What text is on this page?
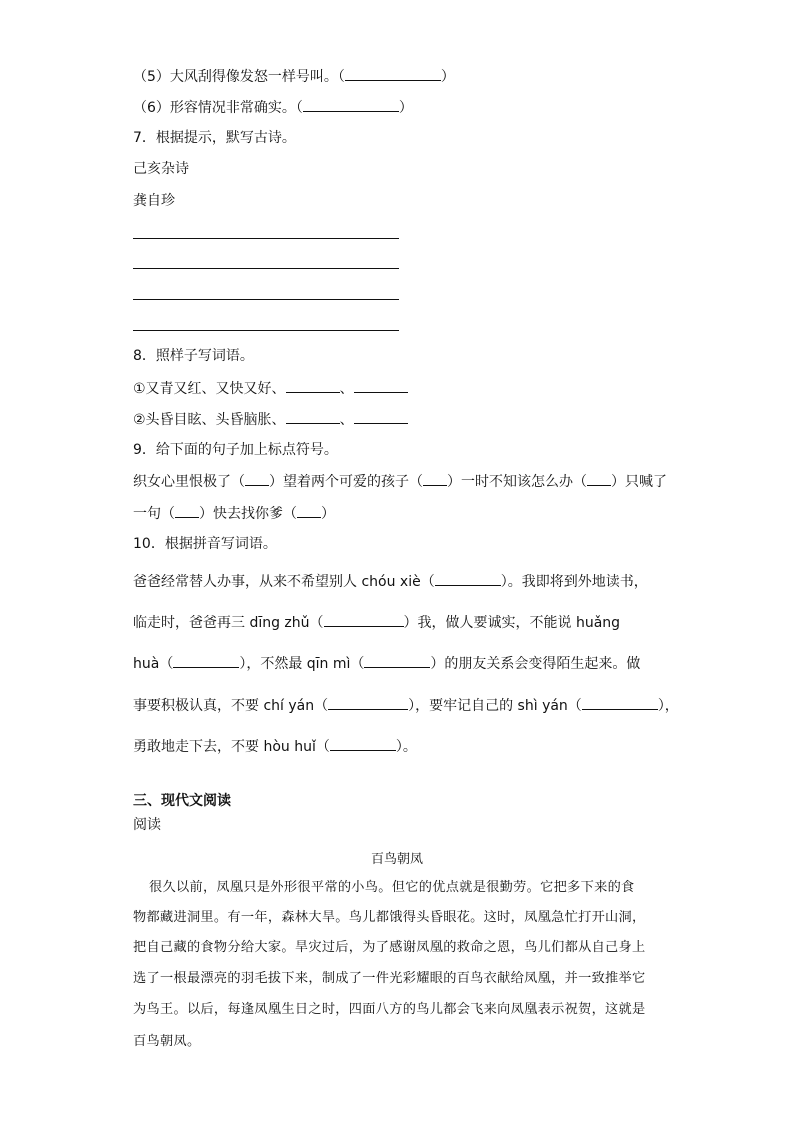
（5）大风刮得像发怒一样号叫。（	）
（6）形容情况非常确实。（	）
7．根据提示，默写古诗。
己亥杂诗
龚自珍
8．照样子写词语。
①又青又红、又快又好、	、
②头昏目眩、头昏脑胀、	、
9．给下面的句子加上标点符号。
织女心里恨极了（ ）望着两个可爱的孩子（ ）一时不知该怎么办（ ）只喊了
一句（ ）快去找你爹（ ）
10．根据拼音写词语。
爸爸经常替人办事，从来不希望别人 chóu xiè（	）。我即将到外地读书，
临走时，爸爸再三 dīng zhǔ（	）我，做人要诚实，不能说 huǎng
huà（	），不然最 qīn mì（	）的朋友关系会变得陌生起来。做
事要积极认真，不要 chí yán（	），要牢记自己的 shì yán（	），
勇敢地走下去，不要 hòu huǐ（	）。
三、现代文阅读
阅读
百鸟朝凤
很久以前，凤凰只是外形很平常的小鸟。但它的优点就是很勤劳。它把多下来的食
物都藏进洞里。有一年，森林大旱。鸟儿都饿得头昏眼花。这时，凤凰急忙打开山洞，
把自己藏的食物分给大家。旱灾过后，为了感谢凤凰的救命之恩，鸟儿们都从自己身上
选了一根最漂亮的羽毛拔下来，制成了一件光彩耀眼的百鸟衣献给凤凰，并一致推举它
为鸟王。以后，每逢凤凰生日之时，四面八方的鸟儿都会飞来向凤凰表示祝贺，这就是
百鸟朝凤。
